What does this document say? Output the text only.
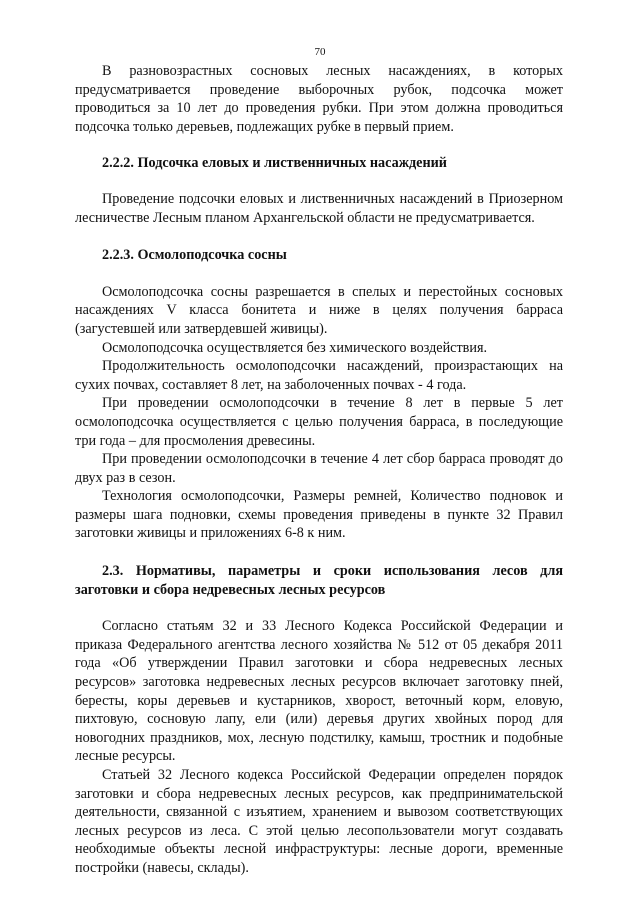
70

В разновозрастных сосновых лесных насаждениях, в которых предусматривается проведение выборочных рубок, подсочка может проводиться за 10 лет до проведения рубки. При этом должна проводиться подсочка только деревьев, подлежащих рубке в первый прием.

2.2.2. Подсочка еловых и лиственничных насаждений

Проведение подсочки еловых и лиственничных насаждений в Приозерном лесничестве Лесным планом Архангельской области не предусматривается.

2.2.3. Осмолоподсочка сосны

Осмолоподсочка сосны разрешается в спелых и перестойных сосновых насаждениях V класса бонитета и ниже в целях получения барраса (загустевшей или затвердевшей живицы).

Осмолоподсочка осуществляется без химического воздействия.

Продолжительность осмолоподсочки насаждений, произрастающих на сухих почвах, составляет 8 лет, на заболоченных почвах - 4 года.

При проведении осмолоподсочки в течение 8 лет в первые 5 лет осмолоподсочка осуществляется с целью получения барраса, в последующие три года – для просмоления древесины.

При проведении осмолоподсочки в течение 4 лет сбор барраса проводят до двух раз в сезон.

Технология осмолоподсочки, Размеры ремней, Количество подновок и размеры шага подновки, схемы проведения приведены в пункте 32 Правил заготовки живицы и приложениях 6-8 к ним.

2.3. Нормативы, параметры и сроки использования лесов для заготовки и сбора недревесных лесных ресурсов

Согласно статьям 32 и 33 Лесного Кодекса Российской Федерации и приказа Федерального агентства лесного хозяйства № 512 от 05 декабря 2011 года «Об утверждении Правил заготовки и сбора недревесных лесных ресурсов» заготовка недревесных лесных ресурсов включает заготовку пней, бересты, коры деревьев и кустарников, хворост, веточный корм, еловую, пихтовую, сосновую лапу, ели (или) деревья других хвойных пород для новогодних праздников, мох, лесную подстилку, камыш, тростник и подобные лесные ресурсы.

Статьей 32 Лесного кодекса Российской Федерации определен порядок заготовки и сбора недревесных лесных ресурсов, как предпринимательской деятельности, связанной с изъятием, хранением и вывозом соответствующих лесных ресурсов из леса. С этой целью лесопользователи могут создавать необходимые объекты лесной инфраструктуры: лесные дороги, временные постройки (навесы, склады).
